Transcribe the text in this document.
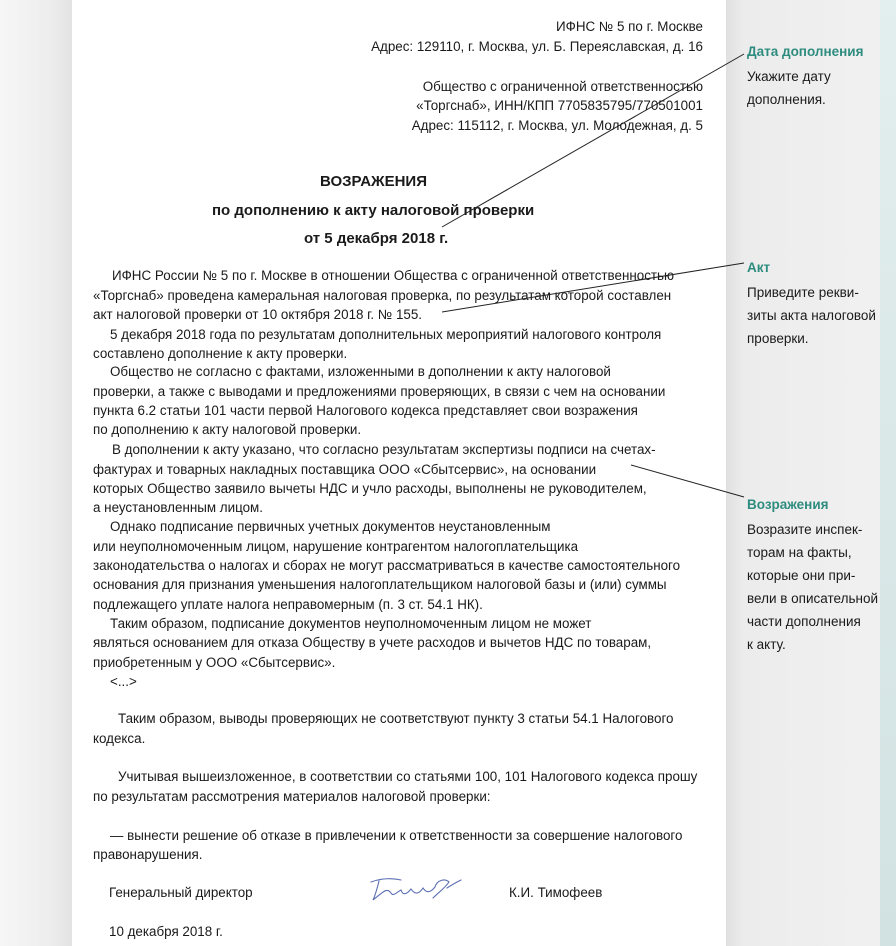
ИФНС № 5 по г. Москве
Адрес: 129110, г. Москва, ул. Б. Переяславская, д. 16
Общество с ограниченной ответственностью
«Торгснаб», ИНН/КПП 7705835795/770501001
Адрес: 115112, г. Москва, ул. Молодежная, д. 5
ВОЗРАЖЕНИЯ
по дополнению к акту налоговой проверки
от 5 декабря 2018 г.
ИФНС России № 5 по г. Москве в отношении Общества с ограниченной ответственностью
«Торгснаб» проведена камеральная налоговая проверка, по результатам которой составлен
акт налоговой проверки от 10 октября 2018 г. № 155.
5 декабря 2018 года по результатам дополнительных мероприятий налогового контроля
составлено дополнение к акту проверки.
Общество не согласно с фактами, изложенными в дополнении к акту налоговой
проверки, а также с выводами и предложениями проверяющих, в связи с чем на основании
пункта 6.2 статьи 101 части первой Налогового кодекса представляет свои возражения
по дополнению к акту налоговой проверки.
В дополнении к акту указано, что согласно результатам экспертизы подписи на счетах-
фактурах и товарных накладных поставщика ООО «Сбытсервис», на основании
которых Общество заявило вычеты НДС и учло расходы, выполнены не руководителем,
а неустановленным лицом.
Однако подписание первичных учетных документов неустановленным
или неуполномоченным лицом, нарушение контрагентом налогоплательщика
законодательства о налогах и сборах не могут рассматриваться в качестве самостоятельного
основания для признания уменьшения налогоплательщиком налоговой базы и (или) суммы
подлежащего уплате налога неправомерным (п. 3 ст. 54.1 НК).
Таким образом, подписание документов неуполномоченным лицом не может
являться основанием для отказа Обществу в учете расходов и вычетов НДС по товарам,
приобретенным у ООО «Сбытсервис».
<...>
Таким образом, выводы проверяющих не соответствуют пункту 3 статьи 54.1 Налогового
кодекса.
Учитывая вышеизложенное, в соответствии со статьями 100, 101 Налогового кодекса прошу
по результатам рассмотрения материалов налоговой проверки:
— вынести решение об отказе в привлечении к ответственности за совершение налогового
правонарушения.
Генеральный директор	К.И. Тимофеев
10 декабря 2018 г.
Дата дополнения
Укажите дату
дополнения.
Акт
Приведите рекви-
зиты акта налоговой
проверки.
Возражения
Возразите инспек-
торам на факты,
которые они при-
вели в описательной
части дополнения
к акту.
